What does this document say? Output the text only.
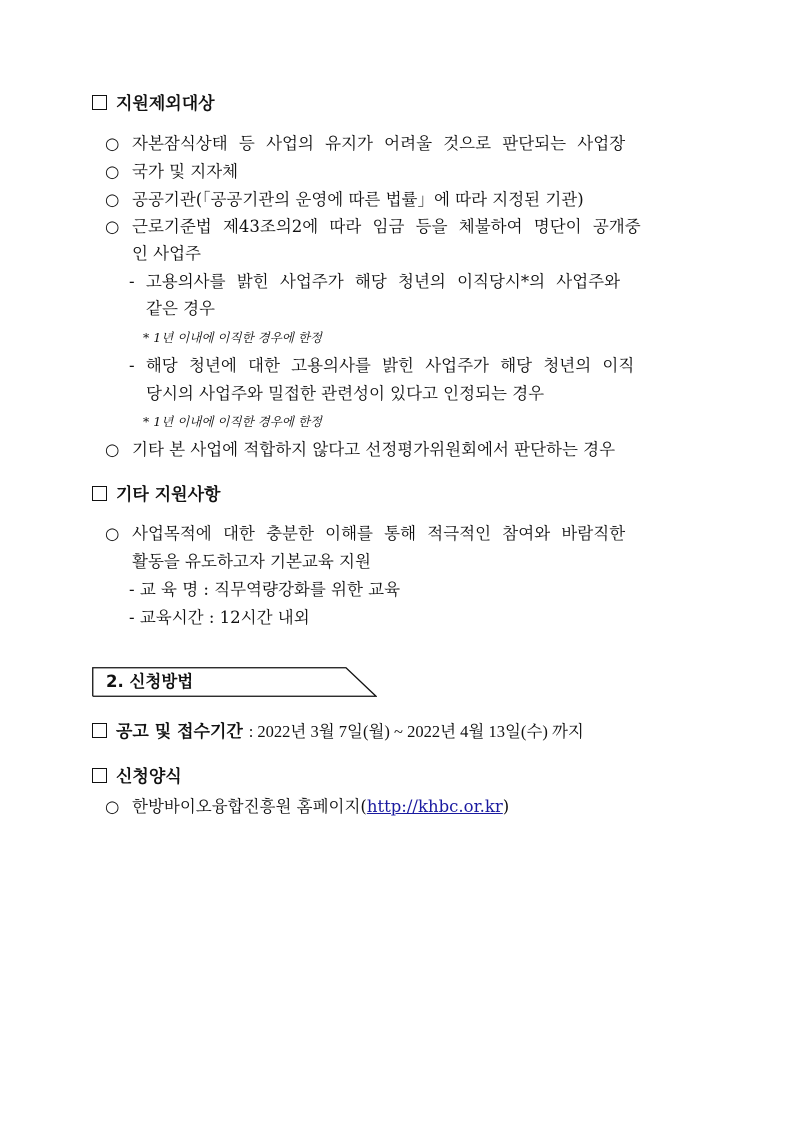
지원제외대상
○ 자본잠식상태 등 사업의 유지가 어려울 것으로 판단되는 사업장
○ 국가 및 지자체
○ 공공기관(「공공기관의 운영에 따른 법률」에 따라 지정된 기관)
○ 근로기준법 제43조의2에 따라 임금 등을 체불하여 명단이 공개중
인 사업주
- 고용의사를 밝힌 사업주가 해당 청년의 이직당시*의 사업주와
같은 경우
* 1년 이내에 이직한 경우에 한정
- 해당 청년에 대한 고용의사를 밝힌 사업주가 해당 청년의 이직
당시의 사업주와 밀접한 관련성이 있다고 인정되는 경우
* 1년 이내에 이직한 경우에 한정
○ 기타 본 사업에 적합하지 않다고 선정평가위원회에서 판단하는 경우
기타 지원사항
○ 사업목적에 대한 충분한 이해를 통해 적극적인 참여와 바람직한
활동을 유도하고자 기본교육 지원
- 교 육 명 : 직무역량강화를 위한 교육
- 교육시간 : 12시간 내외
2. 신청방법
공고 및 접수기간 : 2022년 3월 7일(월) ~ 2022년 4월 13일(수) 까지
신청양식
○ 한방바이오융합진흥원 홈페이지(http://khbc.or.kr)
